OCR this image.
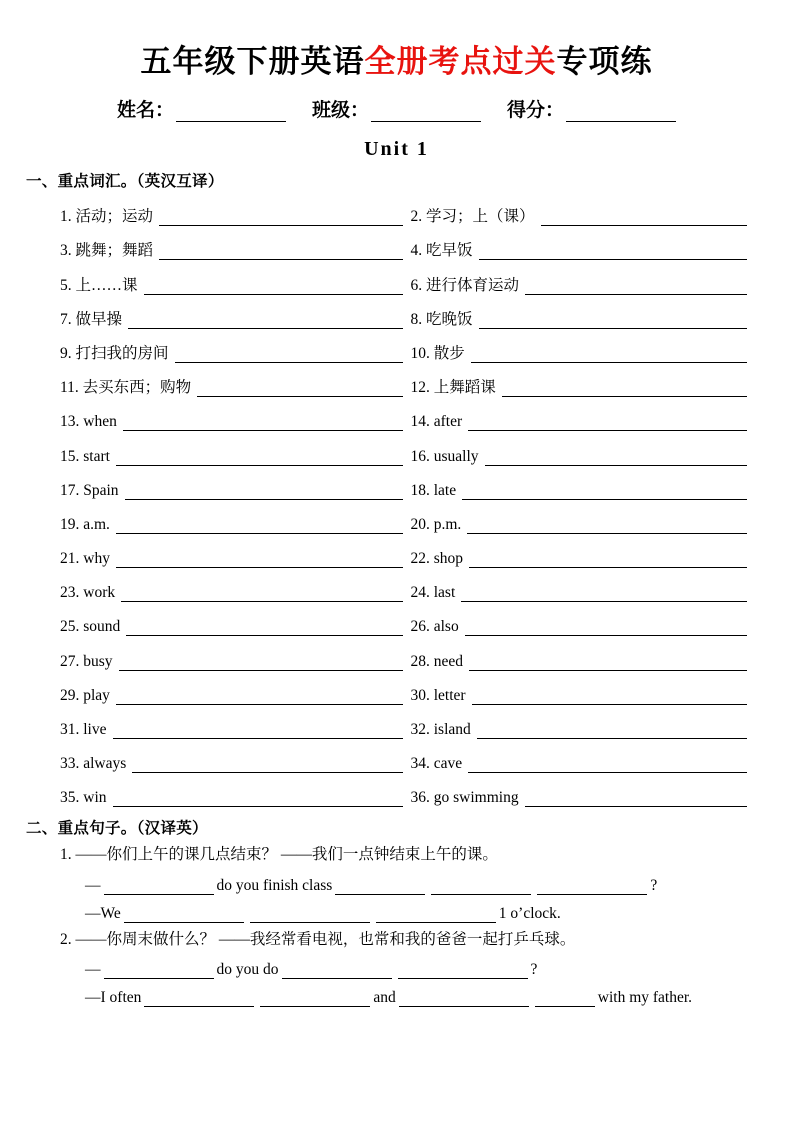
五年级下册英语全册考点过关专项练
姓名：	班级：	得分：
Unit 1
一、重点词汇。（英汉互译）
1. 活动；运动	2. 学习；上（课）
3. 跳舞；舞蹈	4. 吃早饭
5. 上……课	6. 进行体育运动
7. 做早操	8. 吃晚饭
9. 打扫我的房间	10. 散步
11. 去买东西；购物	12. 上舞蹈课
13. when	14. after
15. start	16. usually
17. Spain	18. late
19. a.m.	20. p.m.
21. why	22. shop
23. work	24. last
25. sound	26. also
27. busy	28. need
29. play	30. letter
31. live	32. island
33. always	34. cave
35. win	36. go swimming
二、重点句子。（汉译英）
1. ——你们上午的课几点结束？ ——我们一点钟结束上午的课。
—	do you finish class	?
—We	1 o’clock.
2. ——你周末做什么？ ——我经常看电视，也常和我的爸爸一起打乒乓球。
—	do you do	?
—I often	and	with my father.
